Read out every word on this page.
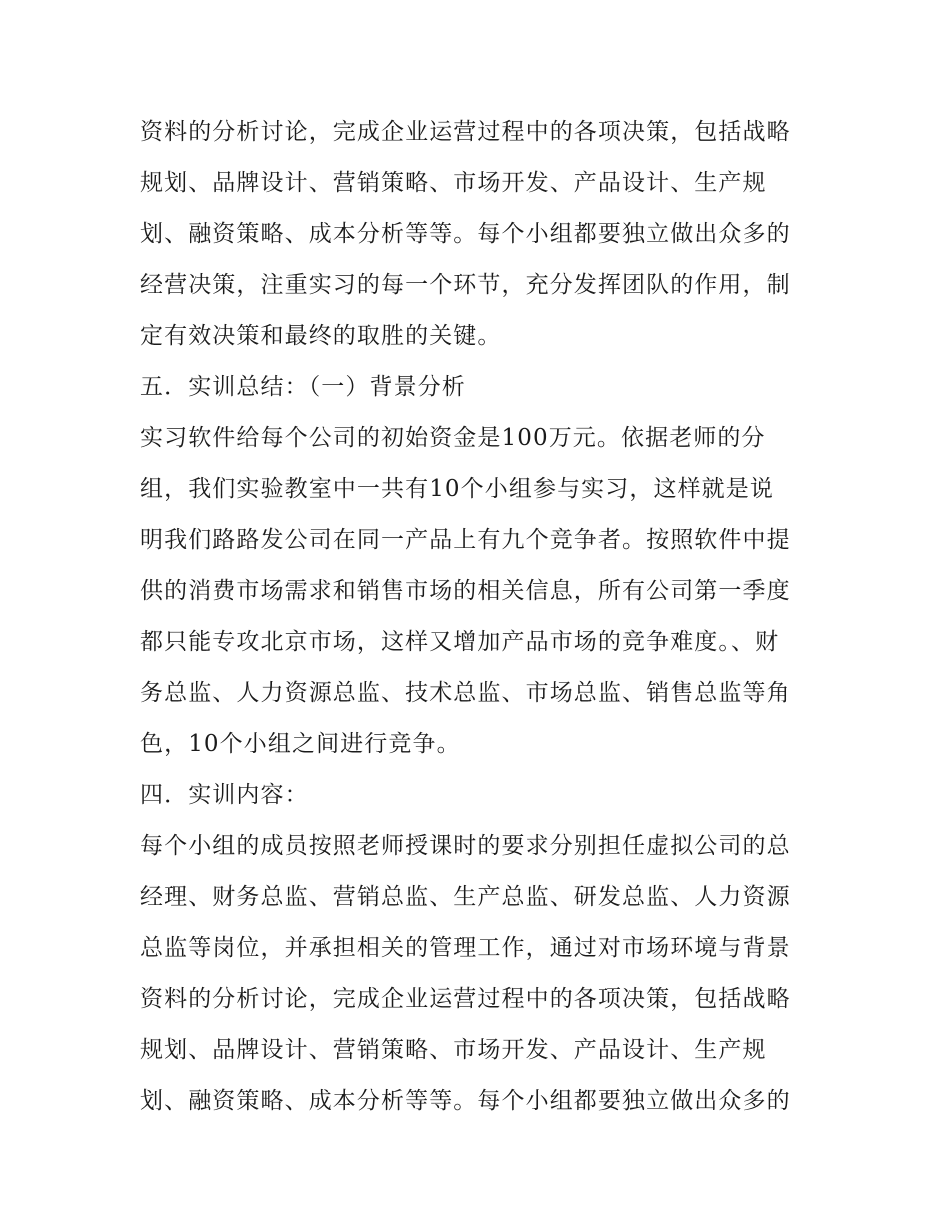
资料的分析讨论，完成企业运营过程中的各项决策，包括战略
规划、品牌设计、营销策略、市场开发、产品设计、生产规
划、融资策略、成本分析等等。每个小组都要独立做出众多的
经营决策，注重实习的每一个环节，充分发挥团队的作用，制
定有效决策和最终的取胜的关键。
五．实训总结：（一）背景分析
实习软件给每个公司的初始资金是100万元。依据老师的分
组，我们实验教室中一共有10个小组参与实习，这样就是说
明我们路路发公司在同一产品上有九个竞争者。按照软件中提
供的消费市场需求和销售市场的相关信息，所有公司第一季度
都只能专攻北京市场，这样又增加产品市场的竞争难度。、财
务总监、人力资源总监、技术总监、市场总监、销售总监等角
色，10个小组之间进行竞争。
四．实训内容：
每个小组的成员按照老师授课时的要求分别担任虚拟公司的总
经理、财务总监、营销总监、生产总监、研发总监、人力资源
总监等岗位，并承担相关的管理工作，通过对市场环境与背景
资料的分析讨论，完成企业运营过程中的各项决策，包括战略
规划、品牌设计、营销策略、市场开发、产品设计、生产规
划、融资策略、成本分析等等。每个小组都要独立做出众多的
